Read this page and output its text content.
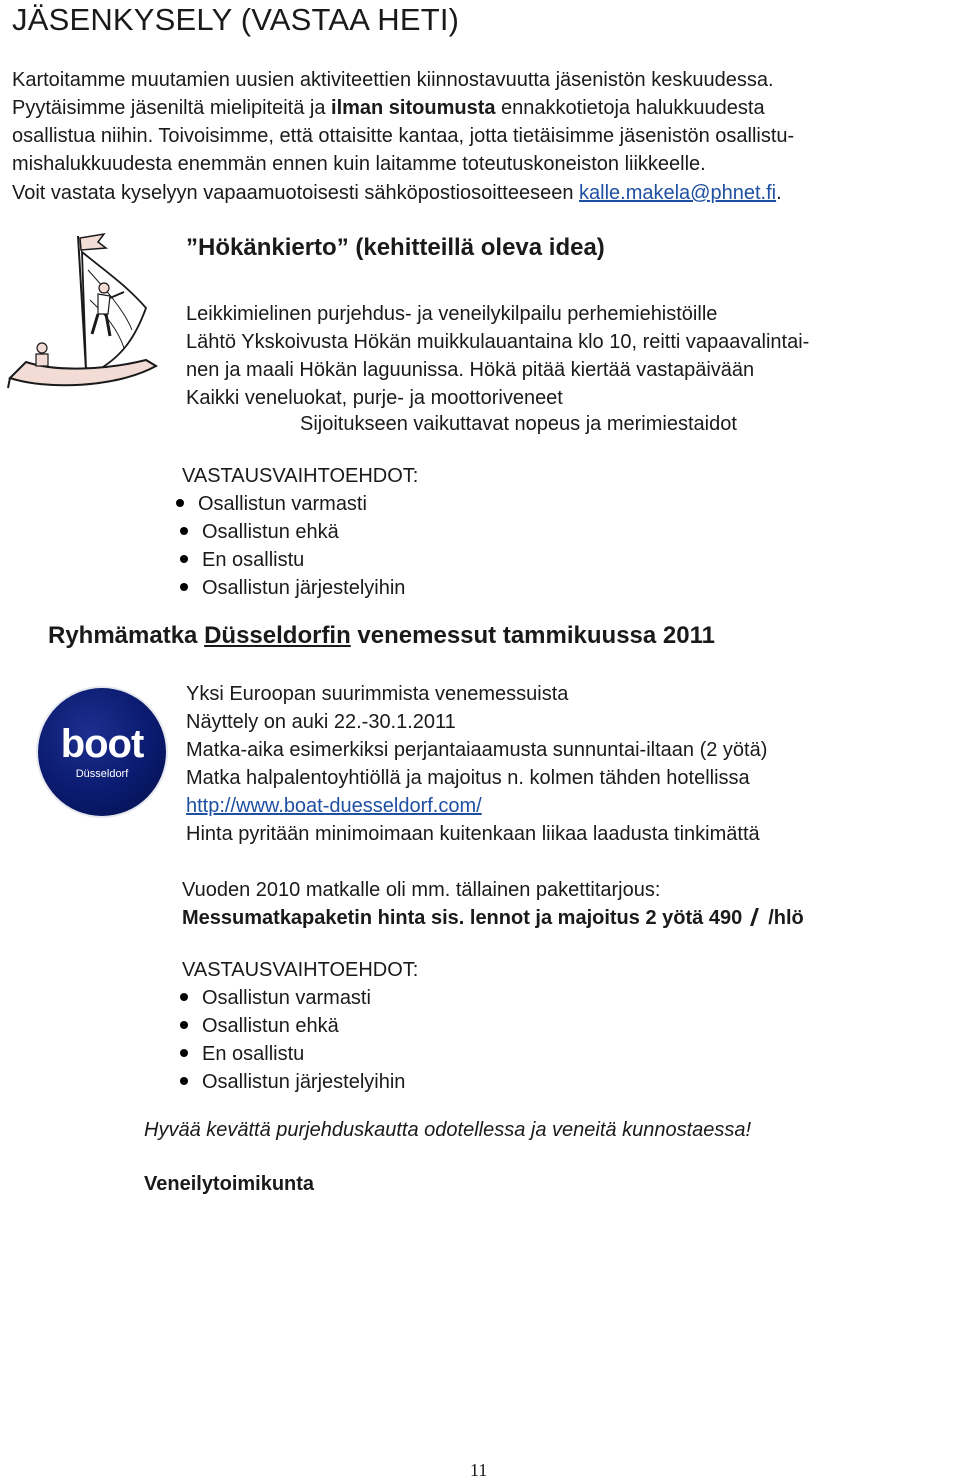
JÄSENKYSELY (VASTAA HETI)
Kartoitamme muutamien uusien aktiviteettien kiinnostavuutta jäsenistön keskuudessa.
Pyytäisimme jäseniltä mielipiteitä ja ilman sitoumusta ennakkotietoja halukkuudesta
osallistua niihin. Toivoisimme, että ottaisitte kantaa, jotta tietäisimme jäsenistön osallistu-
mishalukkuudesta enemmän ennen kuin laitamme toteutuskoneiston liikkeelle.
Voit vastata kyselyyn vapaamuotoisesti sähköpostiosoitteeseen kalle.makela@phnet.fi.
”Hökänkierto” (kehitteillä oleva idea)
Leikkimielinen purjehdus- ja veneilykilpailu perhemiehistöille
Lähtö Ykskoivusta Hökän muikkulauantaina klo 10, reitti vapaavalintai-
nen ja maali Hökän laguunissa. Hökä pitää kiertää vastapäivään
Kaikki veneluokat, purje- ja moottoriveneet
Sijoitukseen vaikuttavat nopeus ja merimiestaidot
VASTAUSVAIHTOEHDOT:
Osallistun varmasti
Osallistun ehkä
En osallistu
Osallistun järjestelyihin
Ryhmämatka Düsseldorfin venemessut tammikuussa 2011
boot
Düsseldorf
Yksi Euroopan suurimmista venemessuista
Näyttely on auki 22.-30.1.2011
Matka-aika esimerkiksi perjantaiaamusta sunnuntai-iltaan (2 yötä)
Matka halpalentoyhtiöllä ja majoitus n. kolmen tähden hotellissa
http://www.boat-duesseldorf.com/
Hinta pyritään minimoimaan kuitenkaan liikaa laadusta tinkimättä
Vuoden 2010 matkalle oli mm. tällainen pakettitarjous:
Messumatkapaketin hinta sis. lennot ja majoitus 2 yötä 490 /hlö
VASTAUSVAIHTOEHDOT:
Osallistun varmasti
Osallistun ehkä
En osallistu
Osallistun järjestelyihin
Hyvää kevättä purjehduskautta odotellessa ja veneitä kunnostaessa!
Veneilytoimikunta
11
